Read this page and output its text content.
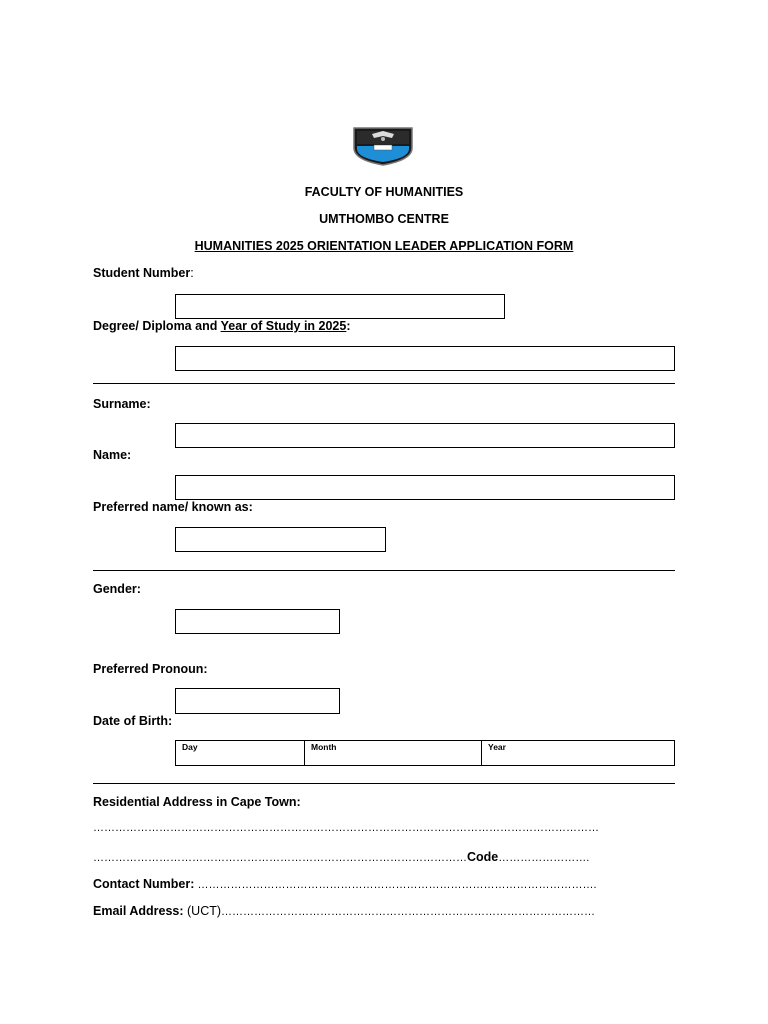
FACULTY OF HUMANITIES
UMTHOMBO CENTRE
HUMANITIES 2025 ORIENTATION LEADER APPLICATION FORM
Student Number:
Degree/ Diploma and Year of Study in 2025:
Surname:
Name:
Preferred name/ known as:
Gender:
Preferred Pronoun:
Date of Birth:
Day	Month	Year
Residential Address in Cape Town:
…………………………………………………………………………………………………………………………
…………………………………………………………………………………………Code…………………….
Contact Number: ……………………………………………………………………………………………….
Email Address: (UCT)…………………………………………………………………………………………
